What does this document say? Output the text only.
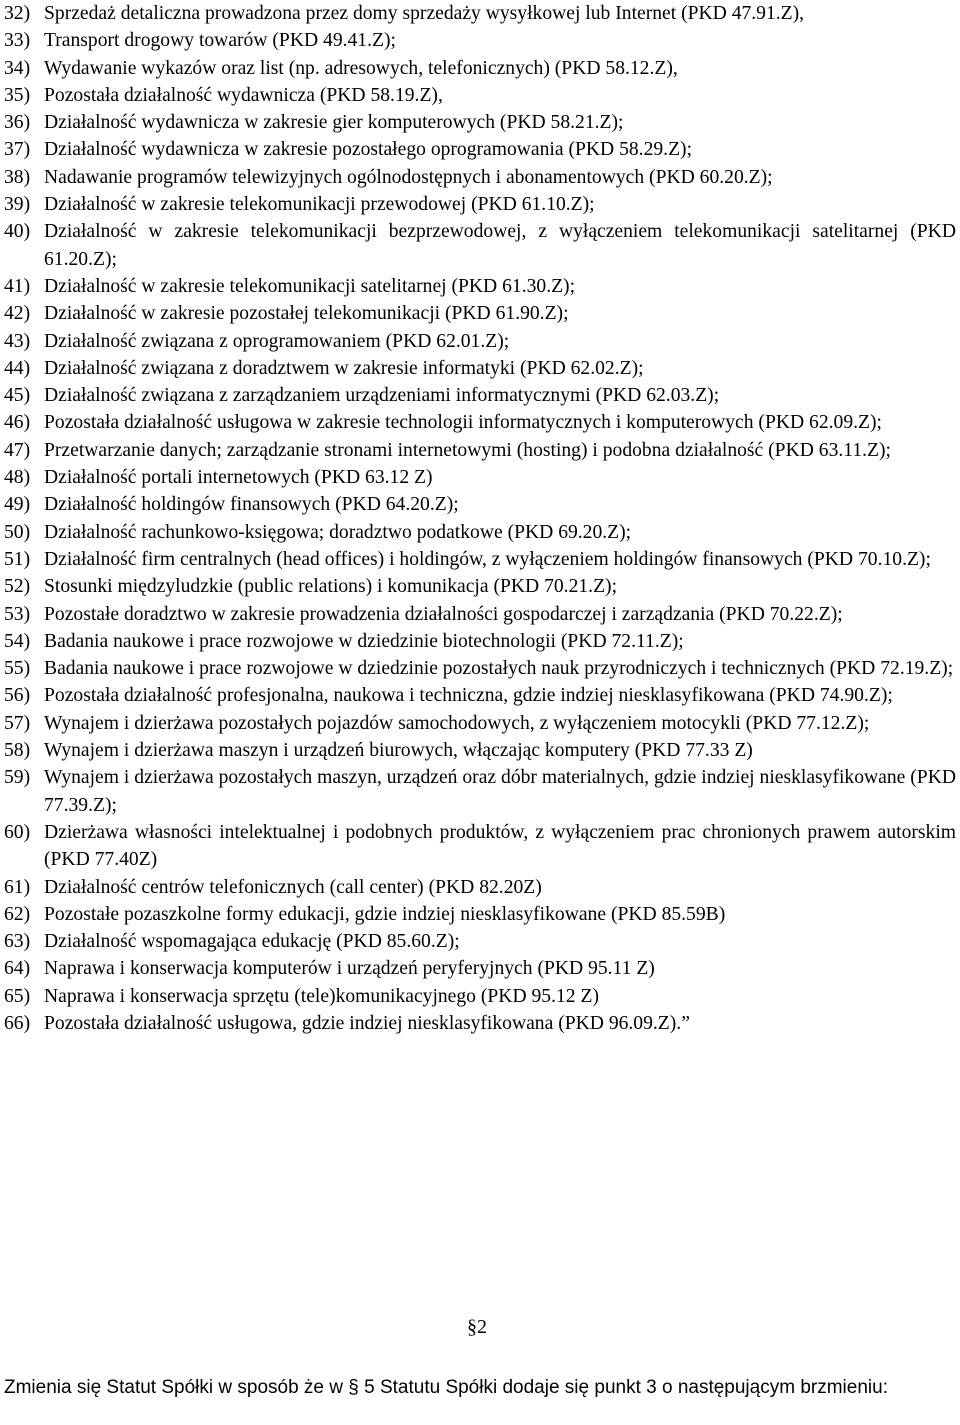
32) Sprzedaż detaliczna prowadzona przez domy sprzedaży wysyłkowej lub Internet (PKD 47.91.Z),
33) Transport drogowy towarów (PKD 49.41.Z);
34) Wydawanie wykazów oraz list (np. adresowych, telefonicznych) (PKD 58.12.Z),
35) Pozostała działalność wydawnicza (PKD 58.19.Z),
36) Działalność wydawnicza w zakresie gier komputerowych (PKD 58.21.Z);
37) Działalność wydawnicza w zakresie pozostałego oprogramowania (PKD 58.29.Z);
38) Nadawanie programów telewizyjnych ogólnodostępnych i abonamentowych (PKD 60.20.Z);
39) Działalność w zakresie telekomunikacji przewodowej (PKD 61.10.Z);
40) Działalność w zakresie telekomunikacji bezprzewodowej, z wyłączeniem telekomunikacji satelitarnej (PKD 61.20.Z);
41) Działalność w zakresie telekomunikacji satelitarnej (PKD 61.30.Z);
42) Działalność w zakresie pozostałej telekomunikacji (PKD 61.90.Z);
43) Działalność związana z oprogramowaniem (PKD 62.01.Z);
44) Działalność związana z doradztwem w zakresie informatyki (PKD 62.02.Z);
45) Działalność związana z zarządzaniem urządzeniami informatycznymi (PKD 62.03.Z);
46) Pozostała działalność usługowa w zakresie technologii informatycznych i komputerowych (PKD 62.09.Z);
47) Przetwarzanie danych; zarządzanie stronami internetowymi (hosting) i podobna działalność (PKD 63.11.Z);
48) Działalność portali internetowych (PKD 63.12 Z)
49) Działalność holdingów finansowych (PKD 64.20.Z);
50) Działalność rachunkowo-księgowa; doradztwo podatkowe (PKD 69.20.Z);
51) Działalność firm centralnych (head offices) i holdingów, z wyłączeniem holdingów finansowych (PKD 70.10.Z);
52) Stosunki międzyludzkie (public relations) i komunikacja (PKD 70.21.Z);
53) Pozostałe doradztwo w zakresie prowadzenia działalności gospodarczej i zarządzania (PKD 70.22.Z);
54) Badania naukowe i prace rozwojowe w dziedzinie biotechnologii (PKD 72.11.Z);
55) Badania naukowe i prace rozwojowe w dziedzinie pozostałych nauk przyrodniczych i technicznych (PKD 72.19.Z);
56) Pozostała działalność profesjonalna, naukowa i techniczna, gdzie indziej niesklasyfikowana (PKD 74.90.Z);
57) Wynajem i dzierżawa pozostałych pojazdów samochodowych, z wyłączeniem motocykli (PKD 77.12.Z);
58) Wynajem i dzierżawa maszyn i urządzeń biurowych, włączając komputery (PKD 77.33 Z)
59) Wynajem i dzierżawa pozostałych maszyn, urządzeń oraz dóbr materialnych, gdzie indziej niesklasyfikowane (PKD 77.39.Z);
60) Dzierżawa własności intelektualnej i podobnych produktów, z wyłączeniem prac chronionych prawem autorskim (PKD 77.40Z)
61) Działalność centrów telefonicznych (call center) (PKD 82.20Z)
62) Pozostałe pozaszkolne formy edukacji, gdzie indziej niesklasyfikowane (PKD 85.59B)
63) Działalność wspomagająca edukację (PKD 85.60.Z);
64) Naprawa i konserwacja komputerów i urządzeń peryferyjnych (PKD 95.11 Z)
65) Naprawa i konserwacja sprzętu (tele)komunikacyjnego (PKD 95.12 Z)
66) Pozostała działalność usługowa, gdzie indziej niesklasyfikowana (PKD 96.09.Z).”
§2
Zmienia się Statut Spółki w sposób że w § 5 Statutu Spółki dodaje się punkt 3 o następującym brzmieniu:
